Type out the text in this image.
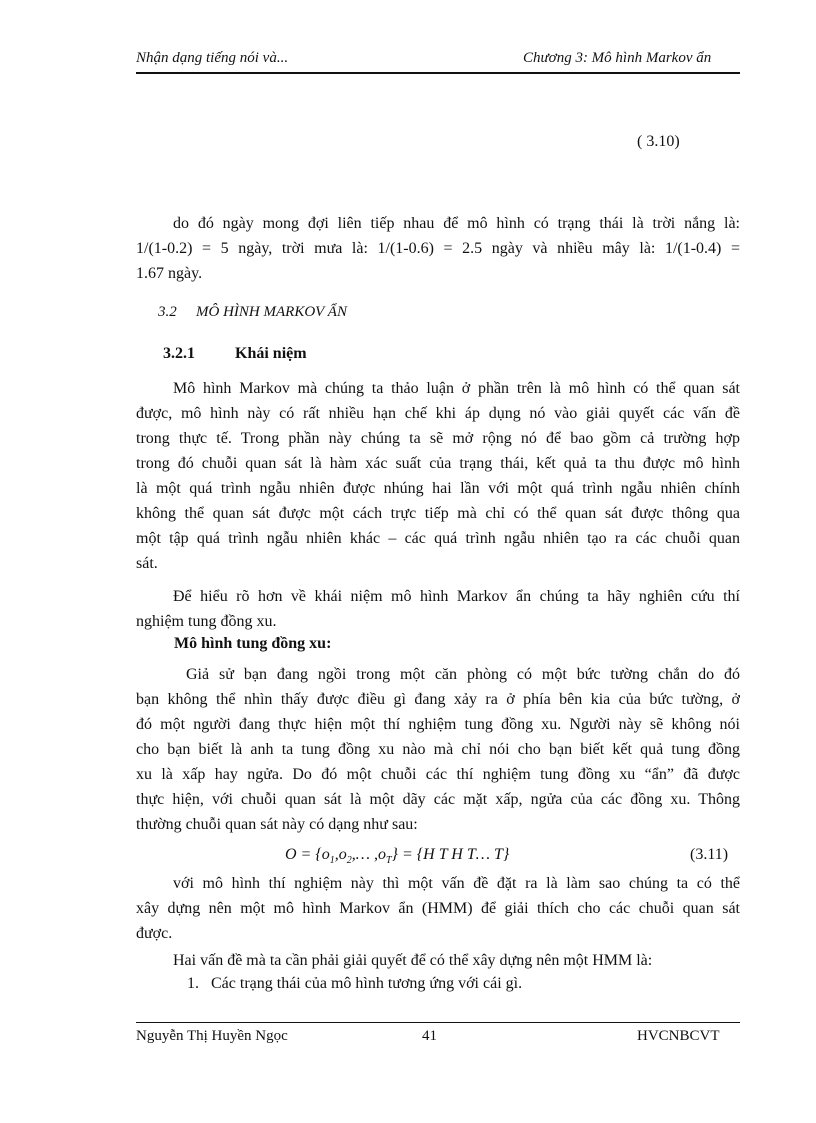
Nhận dạng tiếng nói và...	Chương 3: Mô hình Markov ẩn
( 3.10)
do đó ngày mong đợi liên tiếp nhau để mô hình có trạng thái là trời nắng là:
1/(1-0.2) = 5 ngày, trời mưa là: 1/(1-0.6) = 2.5 ngày và nhiều mây là: 1/(1-0.4) =
1.67 ngày.
3.2 MÔ HÌNH MARKOV ẨN
3.2.1	Khái niệm
Mô hình Markov mà chúng ta thảo luận ở phần trên là mô hình có thể quan sát
được, mô hình này có rất nhiều hạn chế khi áp dụng nó vào giải quyết các vấn đề
trong thực tế. Trong phần này chúng ta sẽ mở rộng nó để bao gồm cả trường hợp
trong đó chuỗi quan sát là hàm xác suất của trạng thái, kết quả ta thu được mô hình
là một quá trình ngẫu nhiên được nhúng hai lần với một quá trình ngẫu nhiên chính
không thể quan sát được một cách trực tiếp mà chỉ có thể quan sát được thông qua
một tập quá trình ngẫu nhiên khác – các quá trình ngẫu nhiên tạo ra các chuỗi quan
sát.
Để hiểu rõ hơn về khái niệm mô hình Markov ẩn chúng ta hãy nghiên cứu thí
nghiệm tung đồng xu.
Mô hình tung đồng xu:
Giả sử bạn đang ngồi trong một căn phòng có một bức tường chắn do đó
bạn không thể nhìn thấy được điều gì đang xảy ra ở phía bên kia của bức tường, ở
đó một người đang thực hiện một thí nghiệm tung đồng xu. Người này sẽ không nói
cho bạn biết là anh ta tung đồng xu nào mà chỉ nói cho bạn biết kết quả tung đồng
xu là xấp hay ngửa. Do đó một chuỗi các thí nghiệm tung đồng xu “ẩn” đã được
thực hiện, với chuỗi quan sát là một dãy các mặt xấp, ngửa của các đồng xu. Thông
thường chuỗi quan sát này có dạng như sau:
$O = \{o_1,o_2,\dots$ $,o_T\} = \{H$ T H T… T}	(3.11)
với mô hình thí nghiệm này thì một vấn đề đặt ra là làm sao chúng ta có thể
xây dựng nên một mô hình Markov ẩn (HMM) để giải thích cho các chuỗi quan sát
được.
Hai vấn đề mà ta cần phải giải quyết để có thể xây dựng nên một HMM là:
1. Các trạng thái của mô hình tương ứng với cái gì.
Nguyễn Thị Huyền Ngọc	41	HVCNBCVT
